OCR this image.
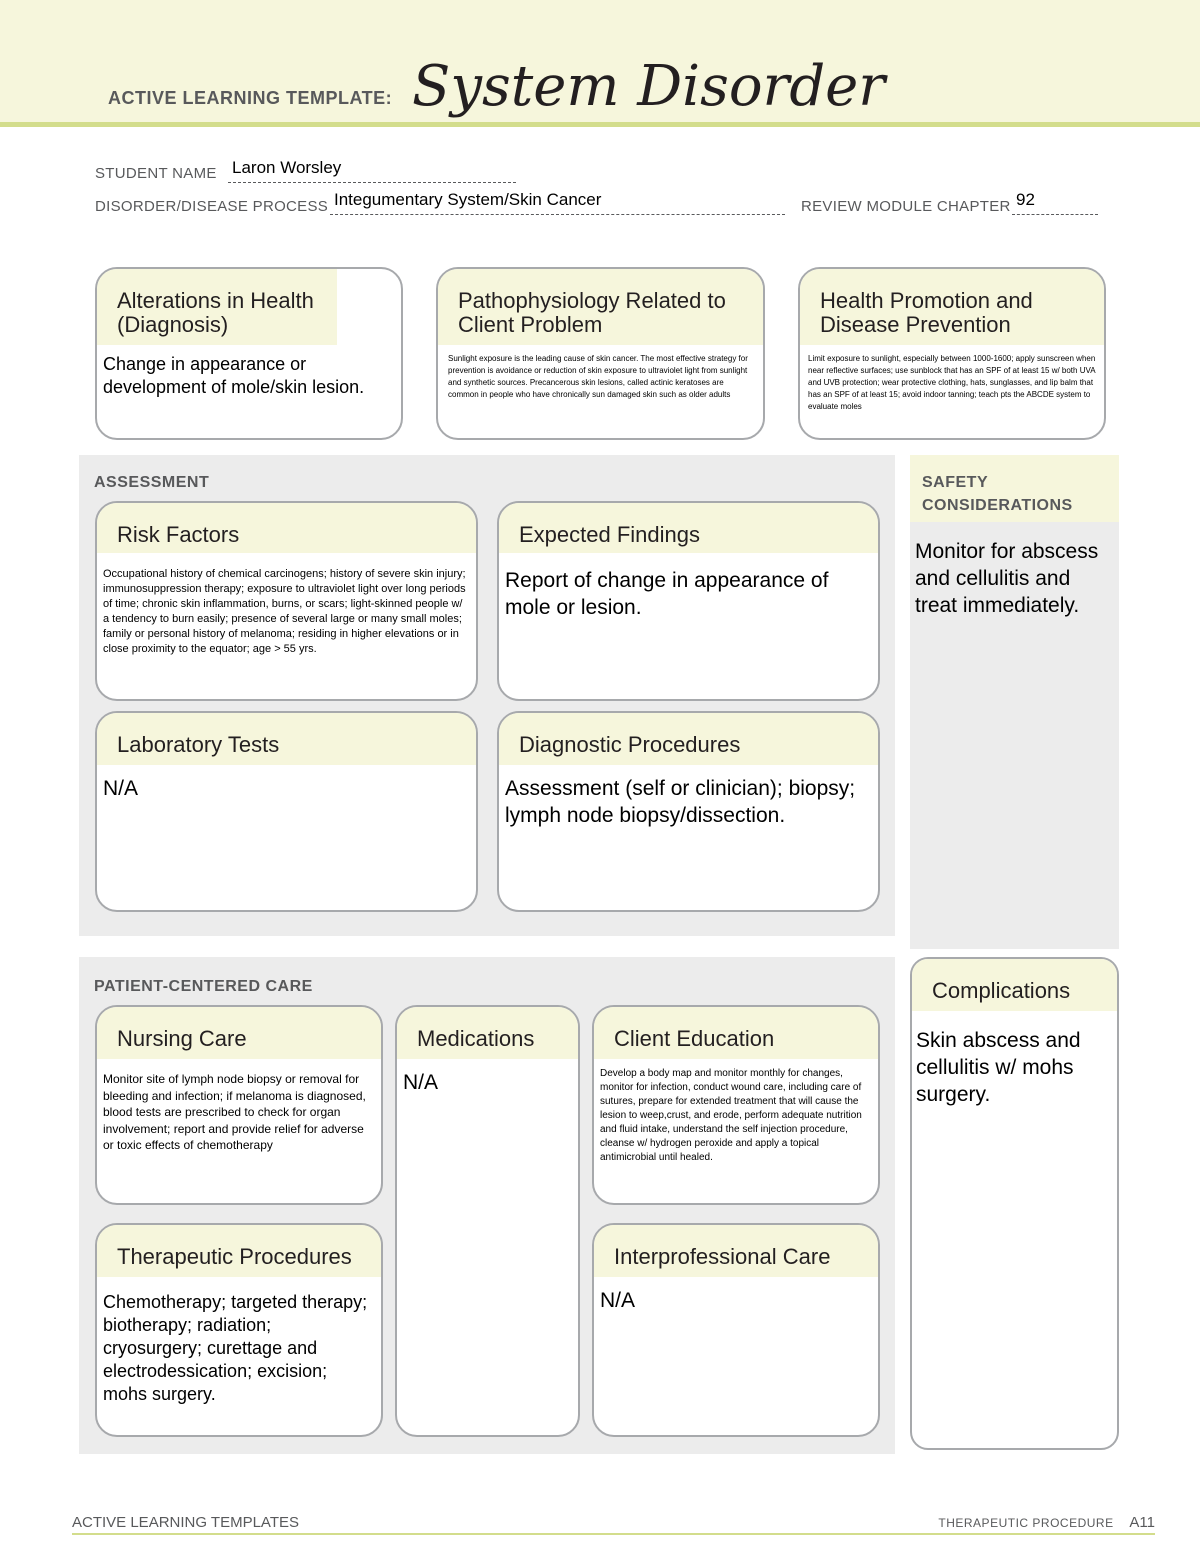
ACTIVE LEARNING TEMPLATE: System Disorder
STUDENT NAME Laron Worsley
DISORDER/DISEASE PROCESS Integumentary System/Skin Cancer	REVIEW MODULE CHAPTER 92
Alterations in Health (Diagnosis)
Change in appearance or development of mole/skin lesion.
Pathophysiology Related to Client Problem
Sunlight exposure is the leading cause of skin cancer. The most effective strategy for prevention is avoidance or reduction of skin exposure to ultraviolet light from sunlight and synthetic sources. Precancerous skin lesions, called actinic keratoses are common in people who have chronically sun damaged skin such as older adults
Health Promotion and Disease Prevention
Limit exposure to sunlight, especially between 1000-1600; apply sunscreen when near reflective surfaces; use sunblock that has an SPF of at least 15 w/ both UVA and UVB protection; wear protective clothing, hats, sunglasses, and lip balm that has an SPF of at least 15; avoid indoor tanning; teach pts the ABCDE system to evaluate moles
ASSESSMENT
Risk Factors
Occupational history of chemical carcinogens; history of severe skin injury; immunosuppression therapy; exposure to ultraviolet light over long periods of time; chronic skin inflammation, burns, or scars; light-skinned people w/ a tendency to burn easily; presence of several large or many small moles; family or personal history of melanoma; residing in higher elevations or in close proximity to the equator; age > 55 yrs.
Expected Findings
Report of change in appearance of mole or lesion.
Laboratory Tests
N/A
Diagnostic Procedures
Assessment (self or clinician); biopsy; lymph node biopsy/dissection.
SAFETY CONSIDERATIONS
Monitor for abscess and cellulitis and treat immediately.
PATIENT-CENTERED CARE
Nursing Care
Monitor site of lymph node biopsy or removal for bleeding and infection; if melanoma is diagnosed, blood tests are prescribed to check for organ involvement; report and provide relief for adverse or toxic effects of chemotherapy
Medications
N/A
Client Education
Develop a body map and monitor monthly for changes, monitor for infection, conduct wound care, including care of sutures, prepare for extended treatment that will cause the lesion to weep,crust, and erode, perform adequate nutrition and fluid intake, understand the self injection procedure, cleanse w/ hydrogen peroxide and apply a topical antimicrobial until healed.
Therapeutic Procedures
Chemotherapy; targeted therapy; biotherapy; radiation; cryosurgery; curettage and electrodessication; excision; mohs surgery.
Interprofessional Care
N/A
Complications
Skin abscess and cellulitis w/ mohs surgery.
ACTIVE LEARNING TEMPLATES	THERAPEUTIC PROCEDURE A11
